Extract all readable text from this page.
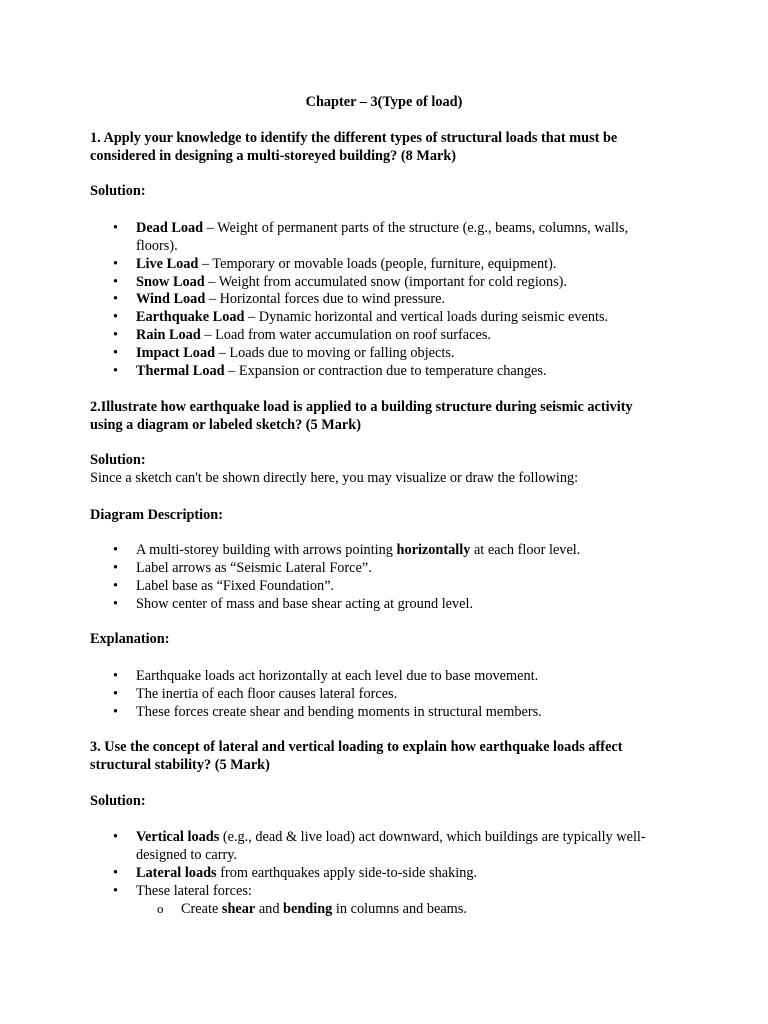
Chapter – 3(Type of load)
1. Apply your knowledge to identify the different types of structural loads that must be
considered in designing a multi-storeyed building? (8 Mark)
Solution:
• Dead Load – Weight of permanent parts of the structure (e.g., beams, columns, walls,
floors).
• Live Load – Temporary or movable loads (people, furniture, equipment).
• Snow Load – Weight from accumulated snow (important for cold regions).
• Wind Load – Horizontal forces due to wind pressure.
• Earthquake Load – Dynamic horizontal and vertical loads during seismic events.
• Rain Load – Load from water accumulation on roof surfaces.
• Impact Load – Loads due to moving or falling objects.
• Thermal Load – Expansion or contraction due to temperature changes.
2.Illustrate how earthquake load is applied to a building structure during seismic activity
using a diagram or labeled sketch? (5 Mark)
Solution:
Since a sketch can't be shown directly here, you may visualize or draw the following:
Diagram Description:
• A multi-storey building with arrows pointing horizontally at each floor level.
• Label arrows as “Seismic Lateral Force”.
• Label base as “Fixed Foundation”.
• Show center of mass and base shear acting at ground level.
Explanation:
• Earthquake loads act horizontally at each level due to base movement.
• The inertia of each floor causes lateral forces.
• These forces create shear and bending moments in structural members.
3. Use the concept of lateral and vertical loading to explain how earthquake loads affect
structural stability? (5 Mark)
Solution:
• Vertical loads (e.g., dead & live load) act downward, which buildings are typically well-
designed to carry.
• Lateral loads from earthquakes apply side-to-side shaking.
• These lateral forces:
o Create shear and bending in columns and beams.
